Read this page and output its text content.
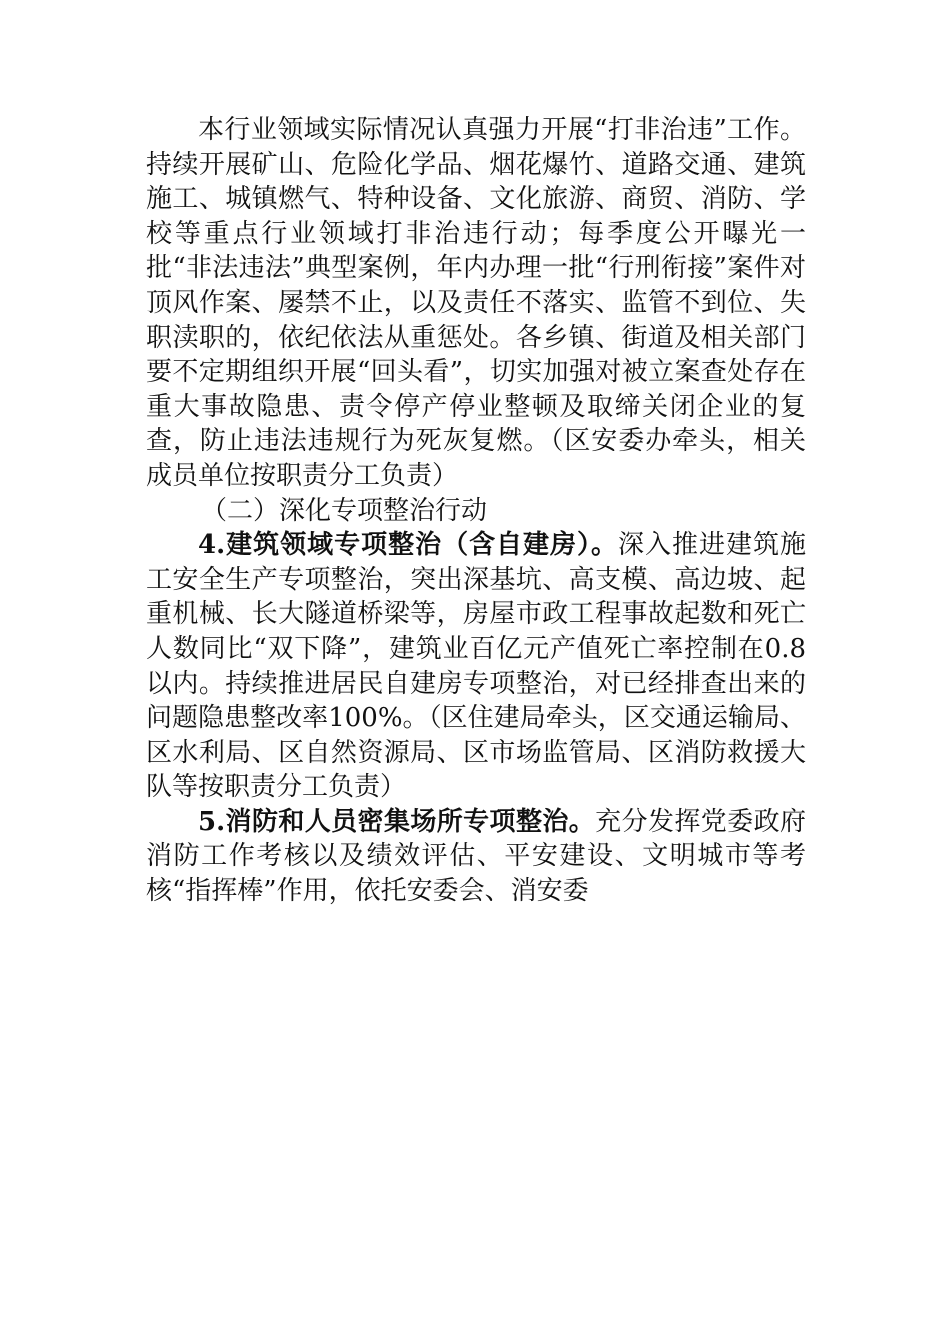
本行业领域实际情况认真强力开展“打非治违”工作。持续开展矿山、危险化学品、烟花爆竹、道路交通、建筑施工、城镇燃气、特种设备、文化旅游、商贸、消防、学校等重点行业领域打非治违行动；每季度公开曝光一批“非法违法”典型案例，年内办理一批“行刑衔接”案件对顶风作案、屡禁不止，以及责任不落实、监管不到位、失职渎职的，依纪依法从重惩处。各乡镇、街道及相关部门要不定期组织开展“回头看”，切实加强对被立案查处存在重大事故隐患、责令停产停业整顿及取缔关闭企业的复查，防止违法违规行为死灰复燃。（区安委办牵头，相关成员单位按职责分工负责）

（二）深化专项整治行动

4.建筑领域专项整治（含自建房）。深入推进建筑施工安全生产专项整治，突出深基坑、高支模、高边坡、起重机械、长大隧道桥梁等，房屋市政工程事故起数和死亡人数同比“双下降”，建筑业百亿元产值死亡率控制在0.8以内。持续推进居民自建房专项整治，对已经排查出来的问题隐患整改率100%。（区住建局牵头，区交通运输局、区水利局、区自然资源局、区市场监管局、区消防救援大队等按职责分工负责）

5.消防和人员密集场所专项整治。充分发挥党委政府消防工作考核以及绩效评估、平安建设、文明城市等考核“指挥棒”作用，依托安委会、消安委
